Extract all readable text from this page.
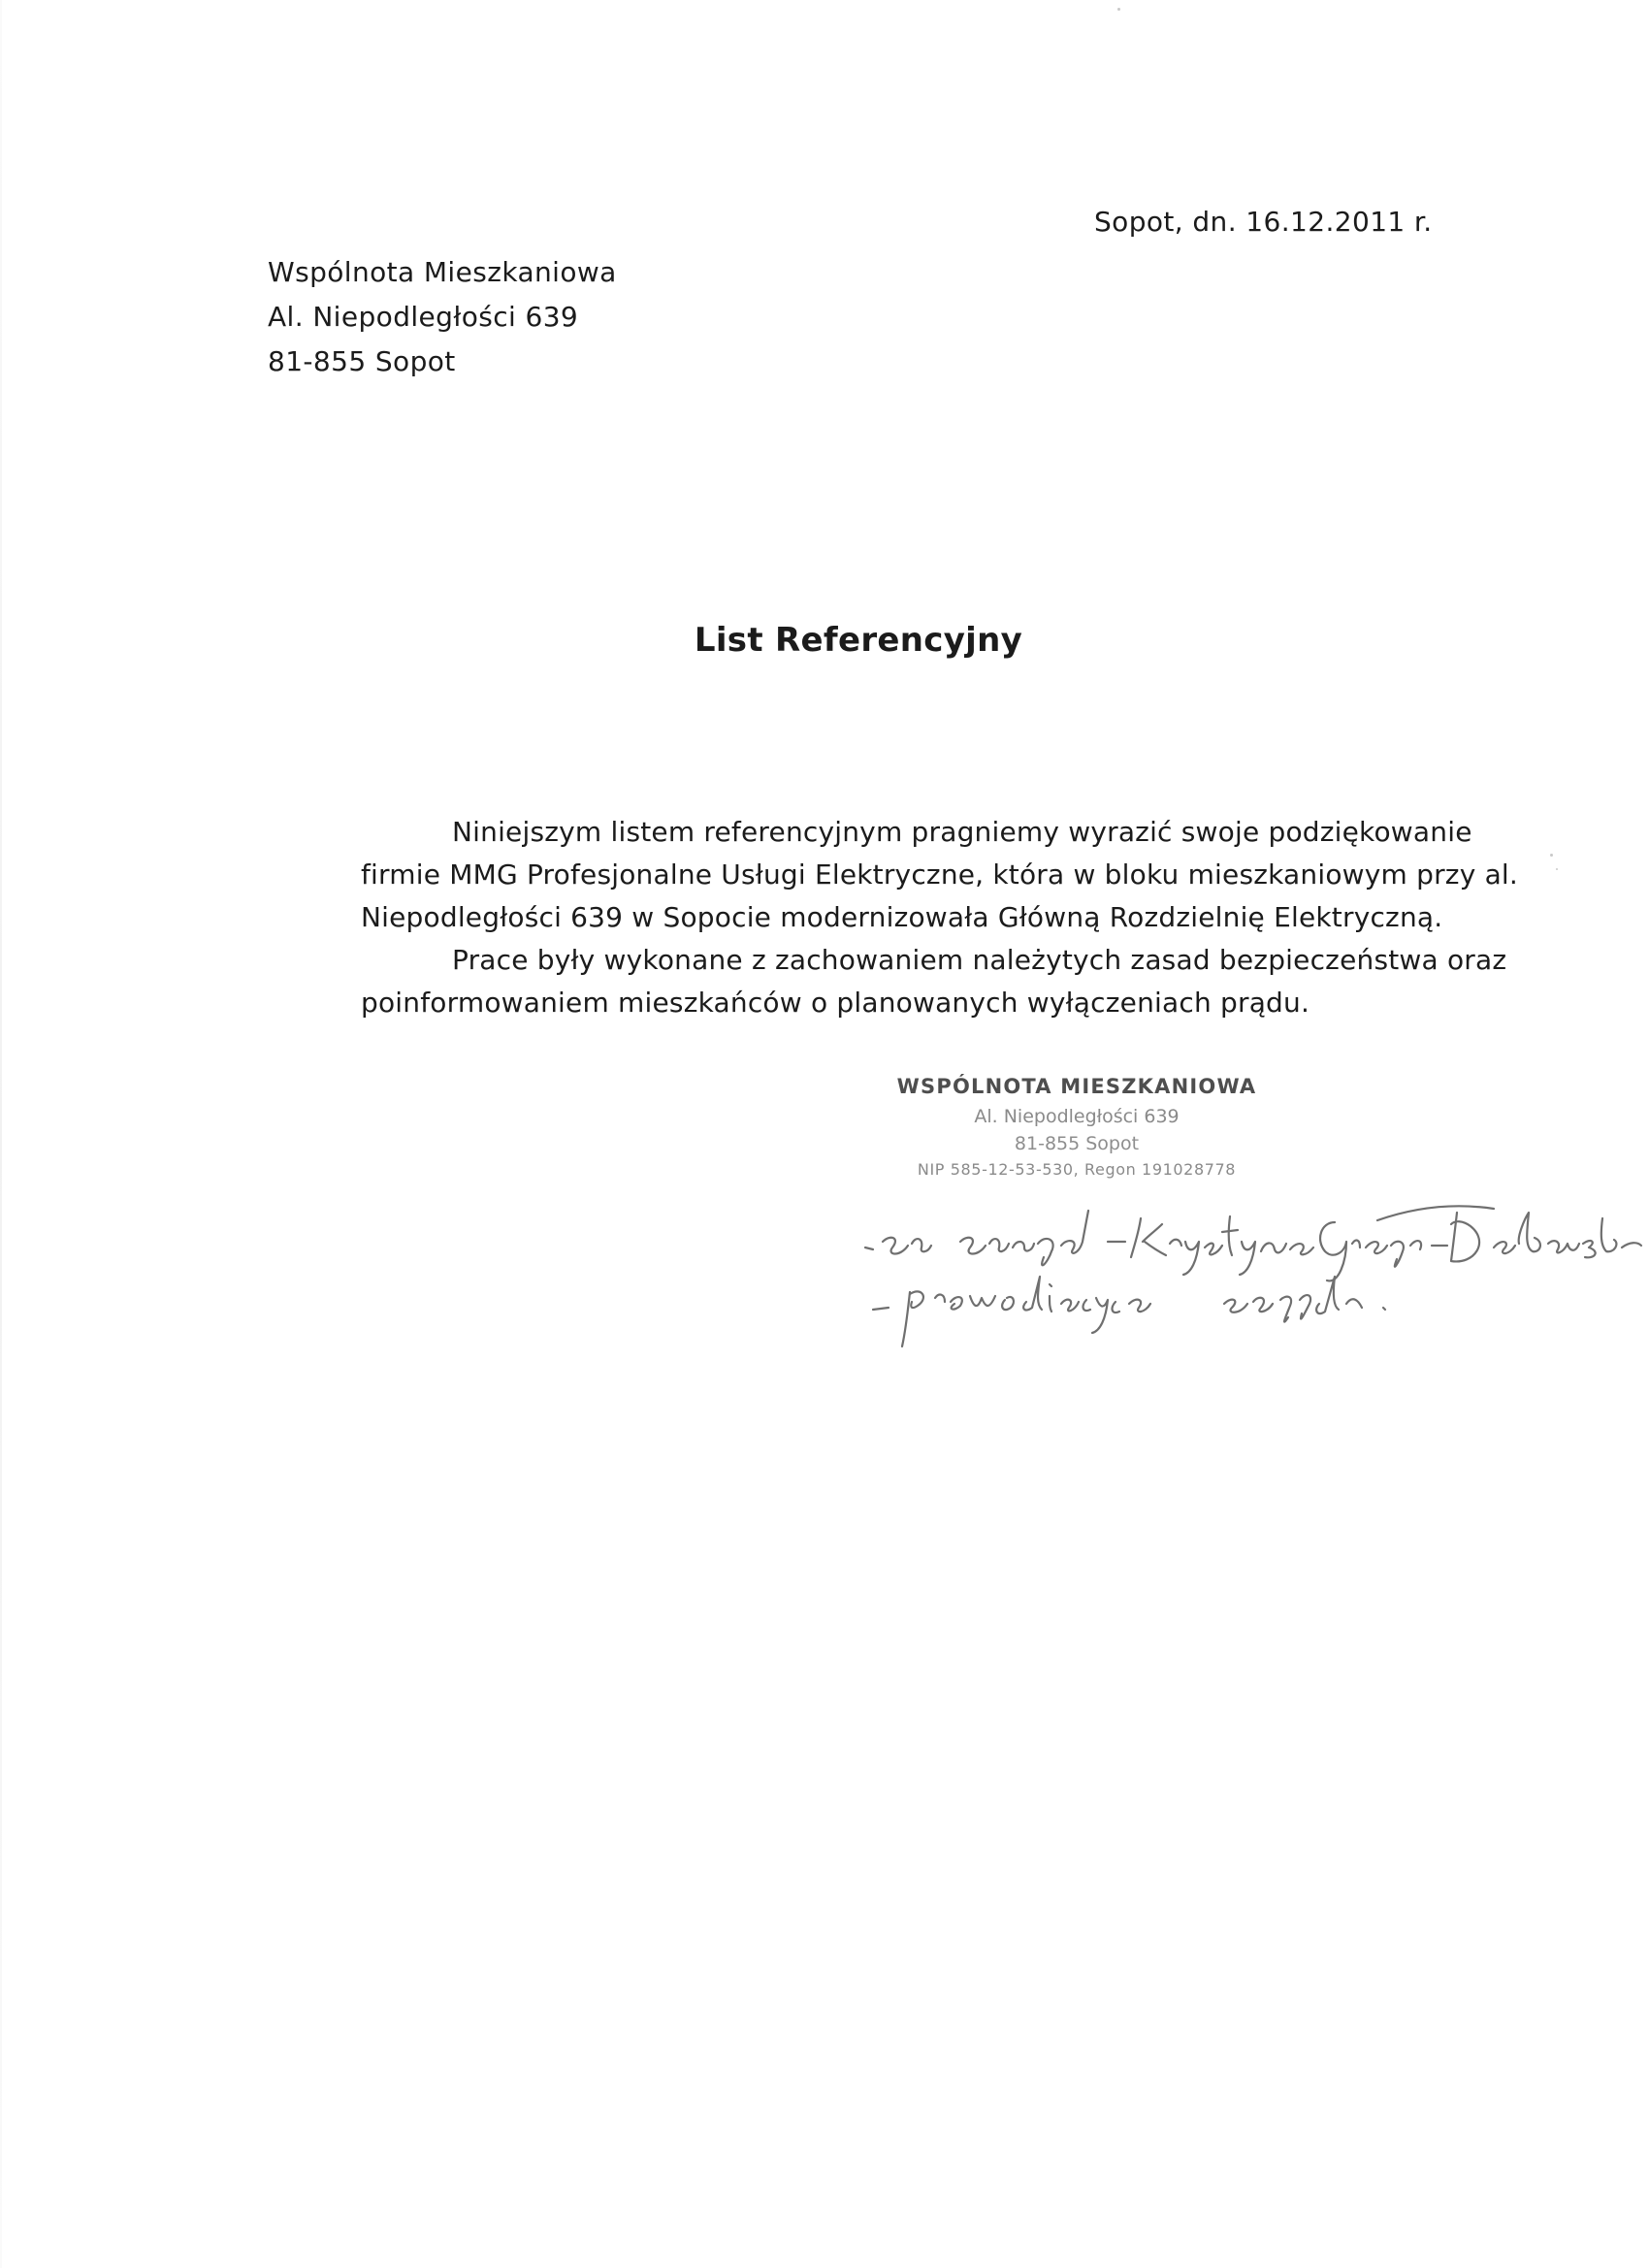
Sopot, dn. 16.12.2011 r.
Wspólnota Mieszkaniowa
Al. Niepodległości 639
81-855 Sopot
List Referencyjny
Niniejszym listem referencyjnym pragniemy wyrazić swoje podziękowanie
firmie MMG Profesjonalne Usługi Elektryczne, która w bloku mieszkaniowym przy al.
Niepodległości 639 w Sopocie modernizowała Główną Rozdzielnię Elektryczną.
Prace były wykonane z zachowaniem należytych zasad bezpieczeństwa oraz
poinformowaniem mieszkańców o planowanych wyłączeniach prądu.
WSPÓLNOTA MIESZKANIOWA
Al. Niepodległości 639
81-855 Sopot
NIP 585-12-53-530, Regon 191028778
